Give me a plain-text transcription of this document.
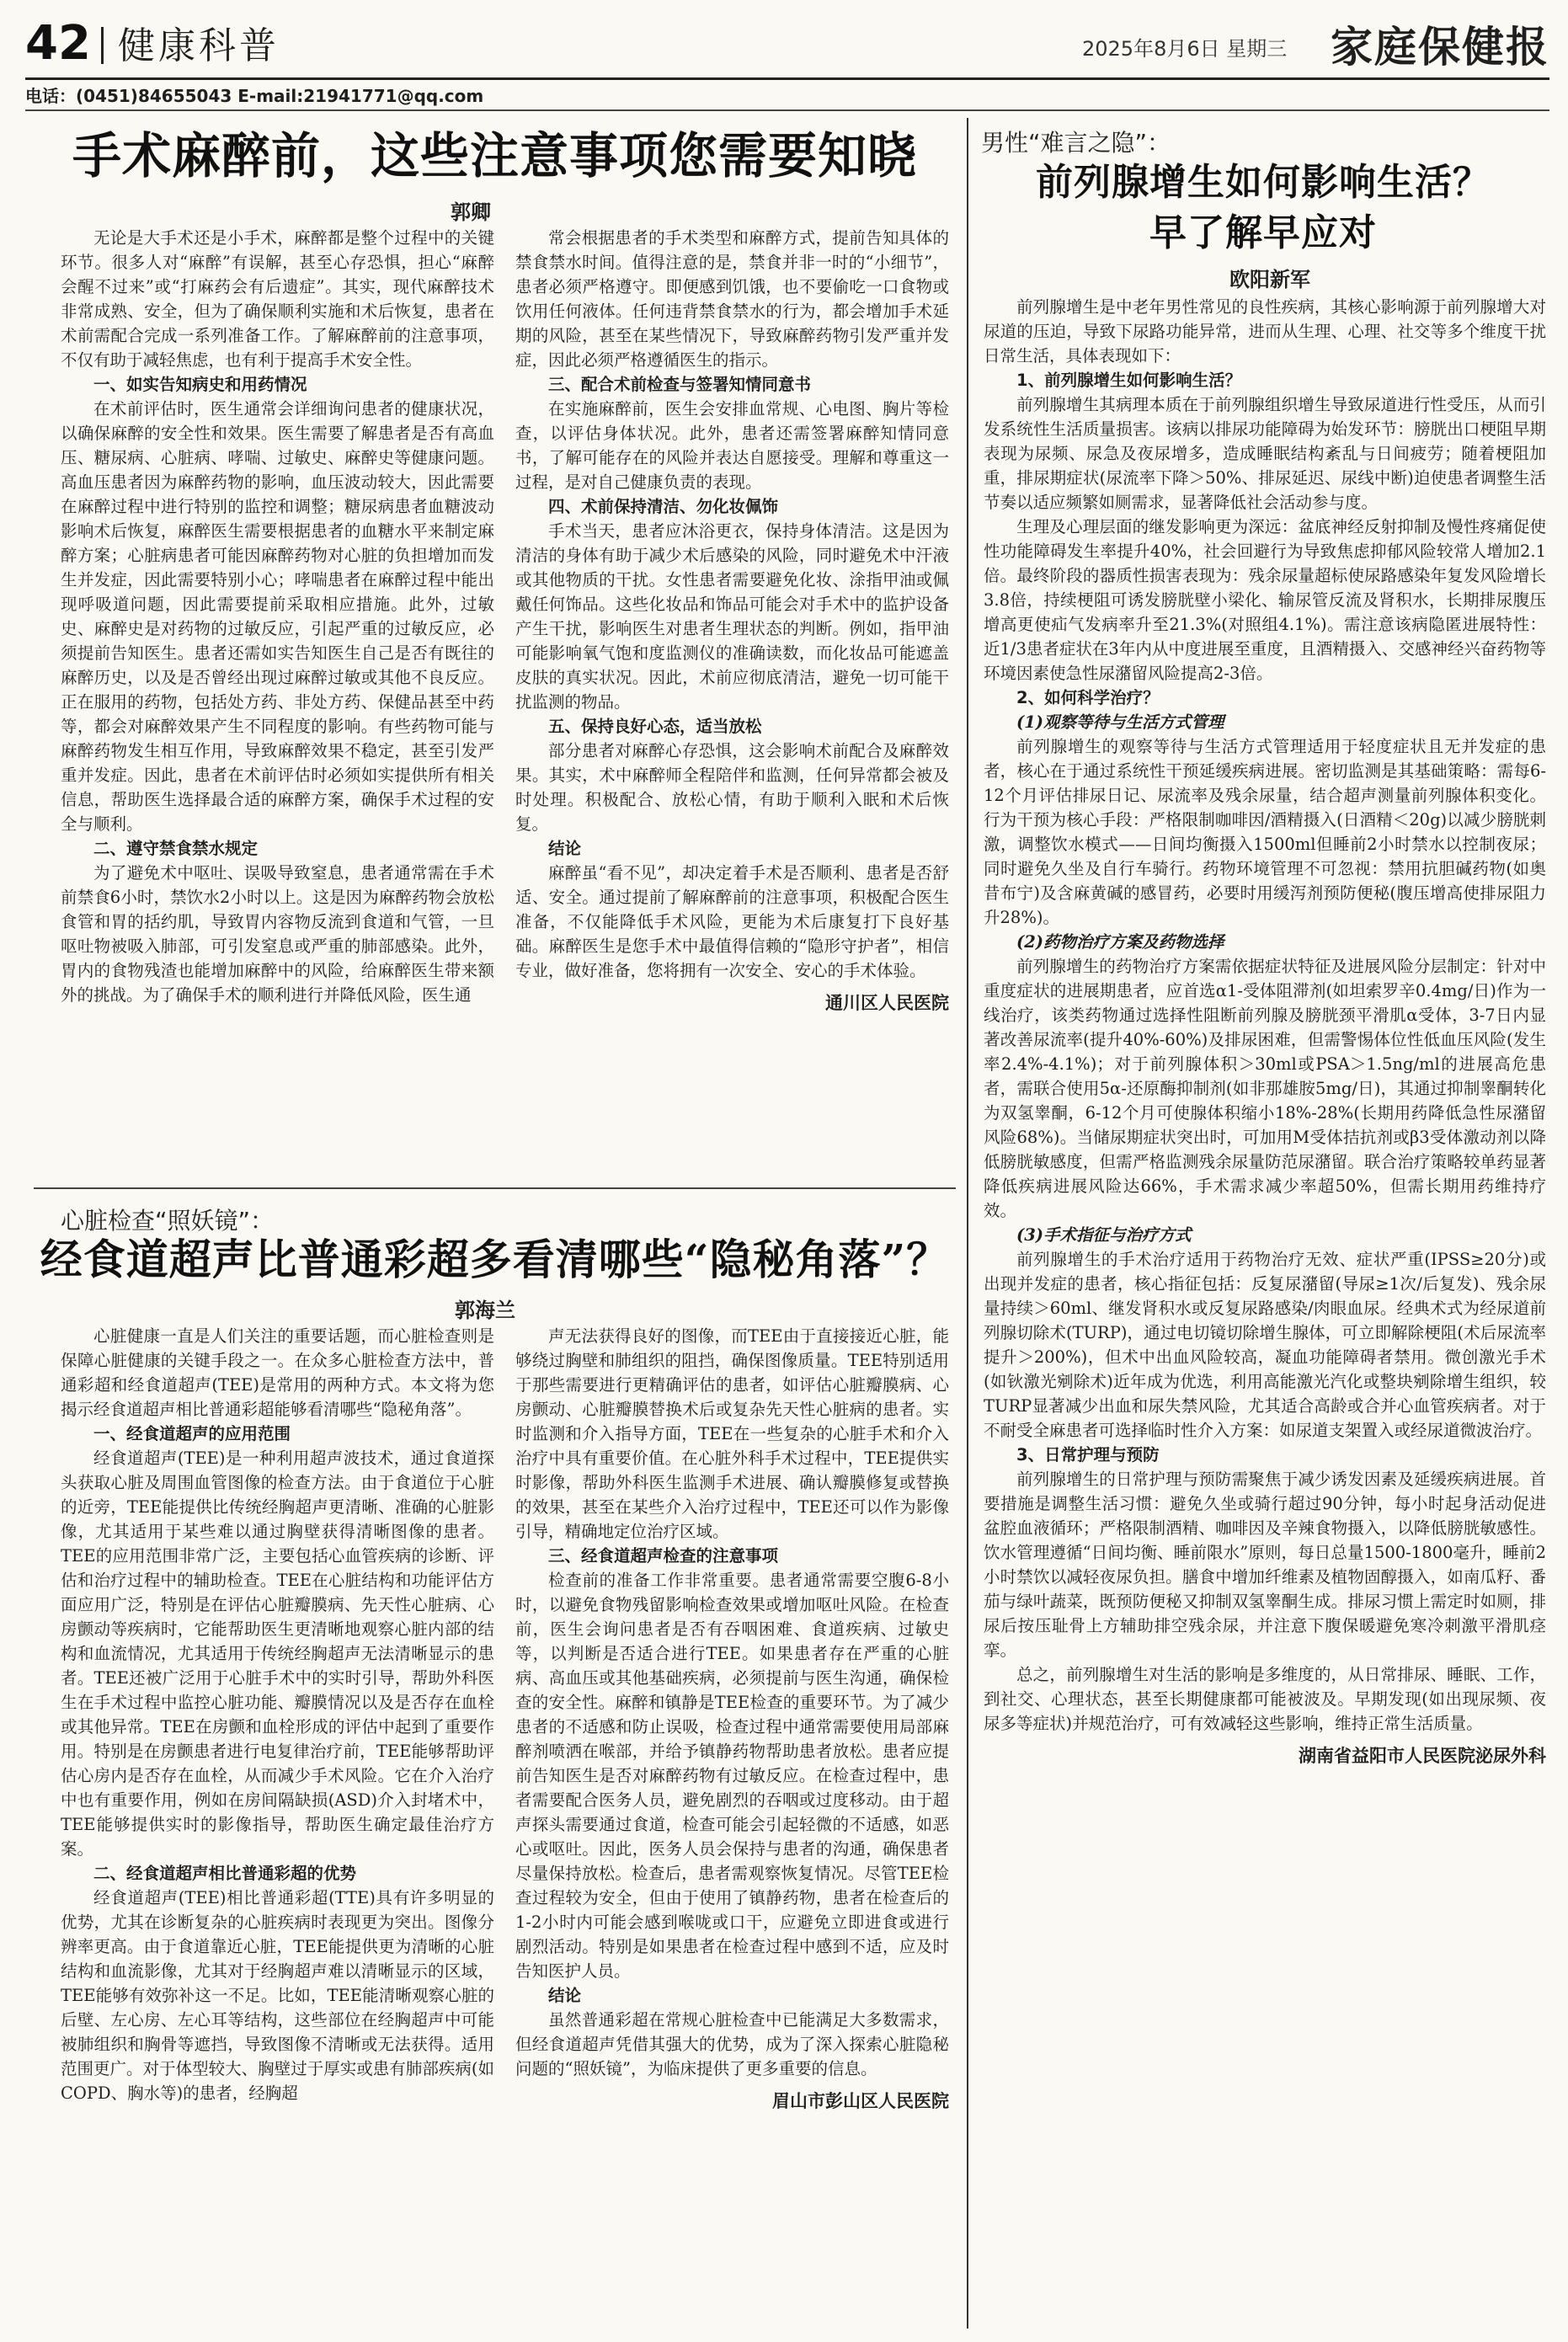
42 健康科普	2025年8月6日 星期三 家庭保健报
电话：(0451)84655043 E-mail:21941771@qq.com
手术麻醉前，这些注意事项您需要知晓
郭卿

无论是大手术还是小手术，麻醉都是整个过程中的关键环节。很多人对“麻醉”有误解，甚至心存恐惧，担心“麻醉会醒不过来”或“打麻药会有后遗症”。其实，现代麻醉技术非常成熟、安全，但为了确保顺利实施和术后恢复，患者在术前需配合完成一系列准备工作。了解麻醉前的注意事项，不仅有助于减轻焦虑，也有利于提高手术安全性。

一、如实告知病史和用药情况

在术前评估时，医生通常会详细询问患者的健康状况，以确保麻醉的安全性和效果。医生需要了解患者是否有高血压、糖尿病、心脏病、哮喘、过敏史、麻醉史等健康问题。高血压患者因为麻醉药物的影响，血压波动较大，因此需要在麻醉过程中进行特别的监控和调整；糖尿病患者血糖波动影响术后恢复，麻醉医生需要根据患者的血糖水平来制定麻醉方案；心脏病患者可能因麻醉药物对心脏的负担增加而发生并发症，因此需要特别小心；哮喘患者在麻醉过程中能出现呼吸道问题，因此需要提前采取相应措施。此外，过敏史、麻醉史是对药物的过敏反应，引起严重的过敏反应，必须提前告知医生。患者还需如实告知医生自己是否有既往的麻醉历史，以及是否曾经出现过麻醉过敏或其他不良反应。正在服用的药物，包括处方药、非处方药、保健品甚至中药等，都会对麻醉效果产生不同程度的影响。有些药物可能与麻醉药物发生相互作用，导致麻醉效果不稳定，甚至引发严重并发症。因此，患者在术前评估时必须如实提供所有相关信息，帮助医生选择最合适的麻醉方案，确保手术过程的安全与顺利。

二、遵守禁食禁水规定

为了避免术中呕吐、误吸导致窒息，患者通常需在手术前禁食6小时，禁饮水2小时以上。这是因为麻醉药物会放松食管和胃的括约肌，导致胃内容物反流到食道和气管，一旦呕吐物被吸入肺部，可引发窒息或严重的肺部感染。此外，胃内的食物残渣也能增加麻醉中的风险，给麻醉医生带来额外的挑战。为了确保手术的顺利进行并降低风险，医生通

常会根据患者的手术类型和麻醉方式，提前告知具体的禁食禁水时间。值得注意的是，禁食并非一时的“小细节”，患者必须严格遵守。即便感到饥饿，也不要偷吃一口食物或饮用任何液体。任何违背禁食禁水的行为，都会增加手术延期的风险，甚至在某些情况下，导致麻醉药物引发严重并发症，因此必须严格遵循医生的指示。

三、配合术前检查与签署知情同意书

在实施麻醉前，医生会安排血常规、心电图、胸片等检查，以评估身体状况。此外，患者还需签署麻醉知情同意书，了解可能存在的风险并表达自愿接受。理解和尊重这一过程，是对自己健康负责的表现。

四、术前保持清洁、勿化妆佩饰

手术当天，患者应沐浴更衣，保持身体清洁。这是因为清洁的身体有助于减少术后感染的风险，同时避免术中汗液或其他物质的干扰。女性患者需要避免化妆、涂指甲油或佩戴任何饰品。这些化妆品和饰品可能会对手术中的监护设备产生干扰，影响医生对患者生理状态的判断。例如，指甲油可能影响氧气饱和度监测仪的准确读数，而化妆品可能遮盖皮肤的真实状况。因此，术前应彻底清洁，避免一切可能干扰监测的物品。

五、保持良好心态，适当放松

部分患者对麻醉心存恐惧，这会影响术前配合及麻醉效果。其实，术中麻醉师全程陪伴和监测，任何异常都会被及时处理。积极配合、放松心情，有助于顺利入眠和术后恢复。

结论

麻醉虽“看不见”，却决定着手术是否顺利、患者是否舒适、安全。通过提前了解麻醉前的注意事项，积极配合医生准备，不仅能降低手术风险，更能为术后康复打下良好基础。麻醉医生是您手术中最值得信赖的“隐形守护者”，相信专业，做好准备，您将拥有一次安全、安心的手术体验。

通川区人民医院

心脏检查“照妖镜”：
经食道超声比普通彩超多看清哪些“隐秘角落”？
郭海兰

心脏健康一直是人们关注的重要话题，而心脏检查则是保障心脏健康的关键手段之一。在众多心脏检查方法中，普通彩超和经食道超声(TEE)是常用的两种方式。本文将为您揭示经食道超声相比普通彩超能够看清哪些“隐秘角落”。

一、经食道超声的应用范围

经食道超声(TEE)是一种利用超声波技术，通过食道探头获取心脏及周围血管图像的检查方法。由于食道位于心脏的近旁，TEE能提供比传统经胸超声更清晰、准确的心脏影像，尤其适用于某些难以通过胸壁获得清晰图像的患者。TEE的应用范围非常广泛，主要包括心血管疾病的诊断、评估和治疗过程中的辅助检查。TEE在心脏结构和功能评估方面应用广泛，特别是在评估心脏瓣膜病、先天性心脏病、心房颤动等疾病时，它能帮助医生更清晰地观察心脏内部的结构和血流情况，尤其适用于传统经胸超声无法清晰显示的患者。TEE还被广泛用于心脏手术中的实时引导，帮助外科医生在手术过程中监控心脏功能、瓣膜情况以及是否存在血栓或其他异常。TEE在房颤和血栓形成的评估中起到了重要作用。特别是在房颤患者进行电复律治疗前，TEE能够帮助评估心房内是否存在血栓，从而减少手术风险。它在介入治疗中也有重要作用，例如在房间隔缺损(ASD)介入封堵术中，TEE能够提供实时的影像指导，帮助医生确定最佳治疗方案。

二、经食道超声相比普通彩超的优势

经食道超声(TEE)相比普通彩超(TTE)具有许多明显的优势，尤其在诊断复杂的心脏疾病时表现更为突出。图像分辨率更高。由于食道靠近心脏，TEE能提供更为清晰的心脏结构和血流影像，尤其对于经胸超声难以清晰显示的区域，TEE能够有效弥补这一不足。比如，TEE能清晰观察心脏的后壁、左心房、左心耳等结构，这些部位在经胸超声中可能被肺组织和胸骨等遮挡，导致图像不清晰或无法获得。适用范围更广。对于体型较大、胸壁过于厚实或患有肺部疾病(如COPD、胸水等)的患者，经胸超

声无法获得良好的图像，而TEE由于直接接近心脏，能够绕过胸壁和肺组织的阻挡，确保图像质量。TEE特别适用于那些需要进行更精确评估的患者，如评估心脏瓣膜病、心房颤动、心脏瓣膜替换术后或复杂先天性心脏病的患者。实时监测和介入指导方面，TEE在一些复杂的心脏手术和介入治疗中具有重要价值。在心脏外科手术过程中，TEE提供实时影像，帮助外科医生监测手术进展、确认瓣膜修复或替换的效果，甚至在某些介入治疗过程中，TEE还可以作为影像引导，精确地定位治疗区域。

三、经食道超声检查的注意事项

检查前的准备工作非常重要。患者通常需要空腹6-8小时，以避免食物残留影响检查效果或增加呕吐风险。在检查前，医生会询问患者是否有吞咽困难、食道疾病、过敏史等，以判断是否适合进行TEE。如果患者存在严重的心脏病、高血压或其他基础疾病，必须提前与医生沟通，确保检查的安全性。麻醉和镇静是TEE检查的重要环节。为了减少患者的不适感和防止误吸，检查过程中通常需要使用局部麻醉剂喷洒在喉部，并给予镇静药物帮助患者放松。患者应提前告知医生是否对麻醉药物有过敏反应。在检查过程中，患者需要配合医务人员，避免剧烈的吞咽或过度移动。由于超声探头需要通过食道，检查可能会引起轻微的不适感，如恶心或呕吐。因此，医务人员会保持与患者的沟通，确保患者尽量保持放松。检查后，患者需观察恢复情况。尽管TEE检查过程较为安全，但由于使用了镇静药物，患者在检查后的1-2小时内可能会感到喉咙或口干，应避免立即进食或进行剧烈活动。特别是如果患者在检查过程中感到不适，应及时告知医护人员。

结论

虽然普通彩超在常规心脏检查中已能满足大多数需求，但经食道超声凭借其强大的优势，成为了深入探索心脏隐秘问题的“照妖镜”，为临床提供了更多重要的信息。

眉山市彭山区人民医院

男性“难言之隐”：
前列腺增生如何影响生活？
早了解早应对
欧阳新军

前列腺增生是中老年男性常见的良性疾病，其核心影响源于前列腺增大对尿道的压迫，导致下尿路功能异常，进而从生理、心理、社交等多个维度干扰日常生活，具体表现如下：

1、前列腺增生如何影响生活？

前列腺增生其病理本质在于前列腺组织增生导致尿道进行性受压，从而引发系统性生活质量损害。该病以排尿功能障碍为始发环节：膀胱出口梗阻早期表现为尿频、尿急及夜尿增多，造成睡眠结构紊乱与日间疲劳；随着梗阻加重，排尿期症状(尿流率下降＞50%、排尿延迟、尿线中断)迫使患者调整生活节奏以适应频繁如厕需求，显著降低社会活动参与度。

生理及心理层面的继发影响更为深远：盆底神经反射抑制及慢性疼痛促使性功能障碍发生率提升40%，社会回避行为导致焦虑抑郁风险较常人增加2.1倍。最终阶段的器质性损害表现为：残余尿量超标使尿路感染年复发风险增长3.8倍，持续梗阻可诱发膀胱壁小梁化、输尿管反流及肾积水，长期排尿腹压增高更使疝气发病率升至21.3%(对照组4.1%)。需注意该病隐匿进展特性：近1/3患者症状在3年内从中度进展至重度，且酒精摄入、交感神经兴奋药物等环境因素使急性尿潴留风险提高2-3倍。

2、如何科学治疗？
(1)观察等待与生活方式管理

前列腺增生的观察等待与生活方式管理适用于轻度症状且无并发症的患者，核心在于通过系统性干预延缓疾病进展。密切监测是其基础策略：需每6-12个月评估排尿日记、尿流率及残余尿量，结合超声测量前列腺体积变化。行为干预为核心手段：严格限制咖啡因/酒精摄入(日酒精＜20g)以减少膀胱刺激，调整饮水模式——日间均衡摄入1500ml但睡前2小时禁水以控制夜尿；同时避免久坐及自行车骑行。药物环境管理不可忽视：禁用抗胆碱药物(如奥昔布宁)及含麻黄碱的感冒药，必要时用缓泻剂预防便秘(腹压增高使排尿阻力升28%)。

(2)药物治疗方案及药物选择

前列腺增生的药物治疗方案需依据症状特征及进展风险分层制定：针对中重度症状的进展期患者，应首选α1-受体阻滞剂(如坦索罗辛0.4mg/日)作为一线治疗，该类药物通过选择性阻断前列腺及膀胱颈平滑肌α受体，3-7日内显著改善尿流率(提升40%-60%)及排尿困难，但需警惕体位性低血压风险(发生率2.4%-4.1%)；对于前列腺体积＞30ml或PSA＞1.5ng/ml的进展高危患者，需联合使用5α-还原酶抑制剂(如非那雄胺5mg/日)，其通过抑制睾酮转化为双氢睾酮，6-12个月可使腺体积缩小18%-28%(长期用药降低急性尿潴留风险68%)。当储尿期症状突出时，可加用M受体拮抗剂或β3受体激动剂以降低膀胱敏感度，但需严格监测残余尿量防范尿潴留。联合治疗策略较单药显著降低疾病进展风险达66%，手术需求减少率超50%，但需长期用药维持疗效。

(3)手术指征与治疗方式

前列腺增生的手术治疗适用于药物治疗无效、症状严重(IPSS≥20分)或出现并发症的患者，核心指征包括：反复尿潴留(导尿≥1次/后复发)、残余尿量持续＞60ml、继发肾积水或反复尿路感染/肉眼血尿。经典术式为经尿道前列腺切除术(TURP)，通过电切镜切除增生腺体，可立即解除梗阻(术后尿流率提升＞200%)，但术中出血风险较高，凝血功能障碍者禁用。微创激光手术(如钬激光剜除术)近年成为优选，利用高能激光汽化或整块剜除增生组织，较TURP显著减少出血和尿失禁风险，尤其适合高龄或合并心血管疾病者。对于不耐受全麻患者可选择临时性介入方案：如尿道支架置入或经尿道微波治疗。

3、日常护理与预防

前列腺增生的日常护理与预防需聚焦于减少诱发因素及延缓疾病进展。首要措施是调整生活习惯：避免久坐或骑行超过90分钟，每小时起身活动促进盆腔血液循环；严格限制酒精、咖啡因及辛辣食物摄入，以降低膀胱敏感性。饮水管理遵循“日间均衡、睡前限水”原则，每日总量1500-1800毫升，睡前2小时禁饮以减轻夜尿负担。膳食中增加纤维素及植物固醇摄入，如南瓜籽、番茄与绿叶蔬菜，既预防便秘又抑制双氢睾酮生成。排尿习惯上需定时如厕，排尿后按压耻骨上方辅助排空残余尿，并注意下腹保暖避免寒冷刺激平滑肌痉挛。

总之，前列腺增生对生活的影响是多维度的，从日常排尿、睡眠、工作，到社交、心理状态，甚至长期健康都可能被波及。早期发现(如出现尿频、夜尿多等症状)并规范治疗，可有效减轻这些影响，维持正常生活质量。

湖南省益阳市人民医院泌尿外科
